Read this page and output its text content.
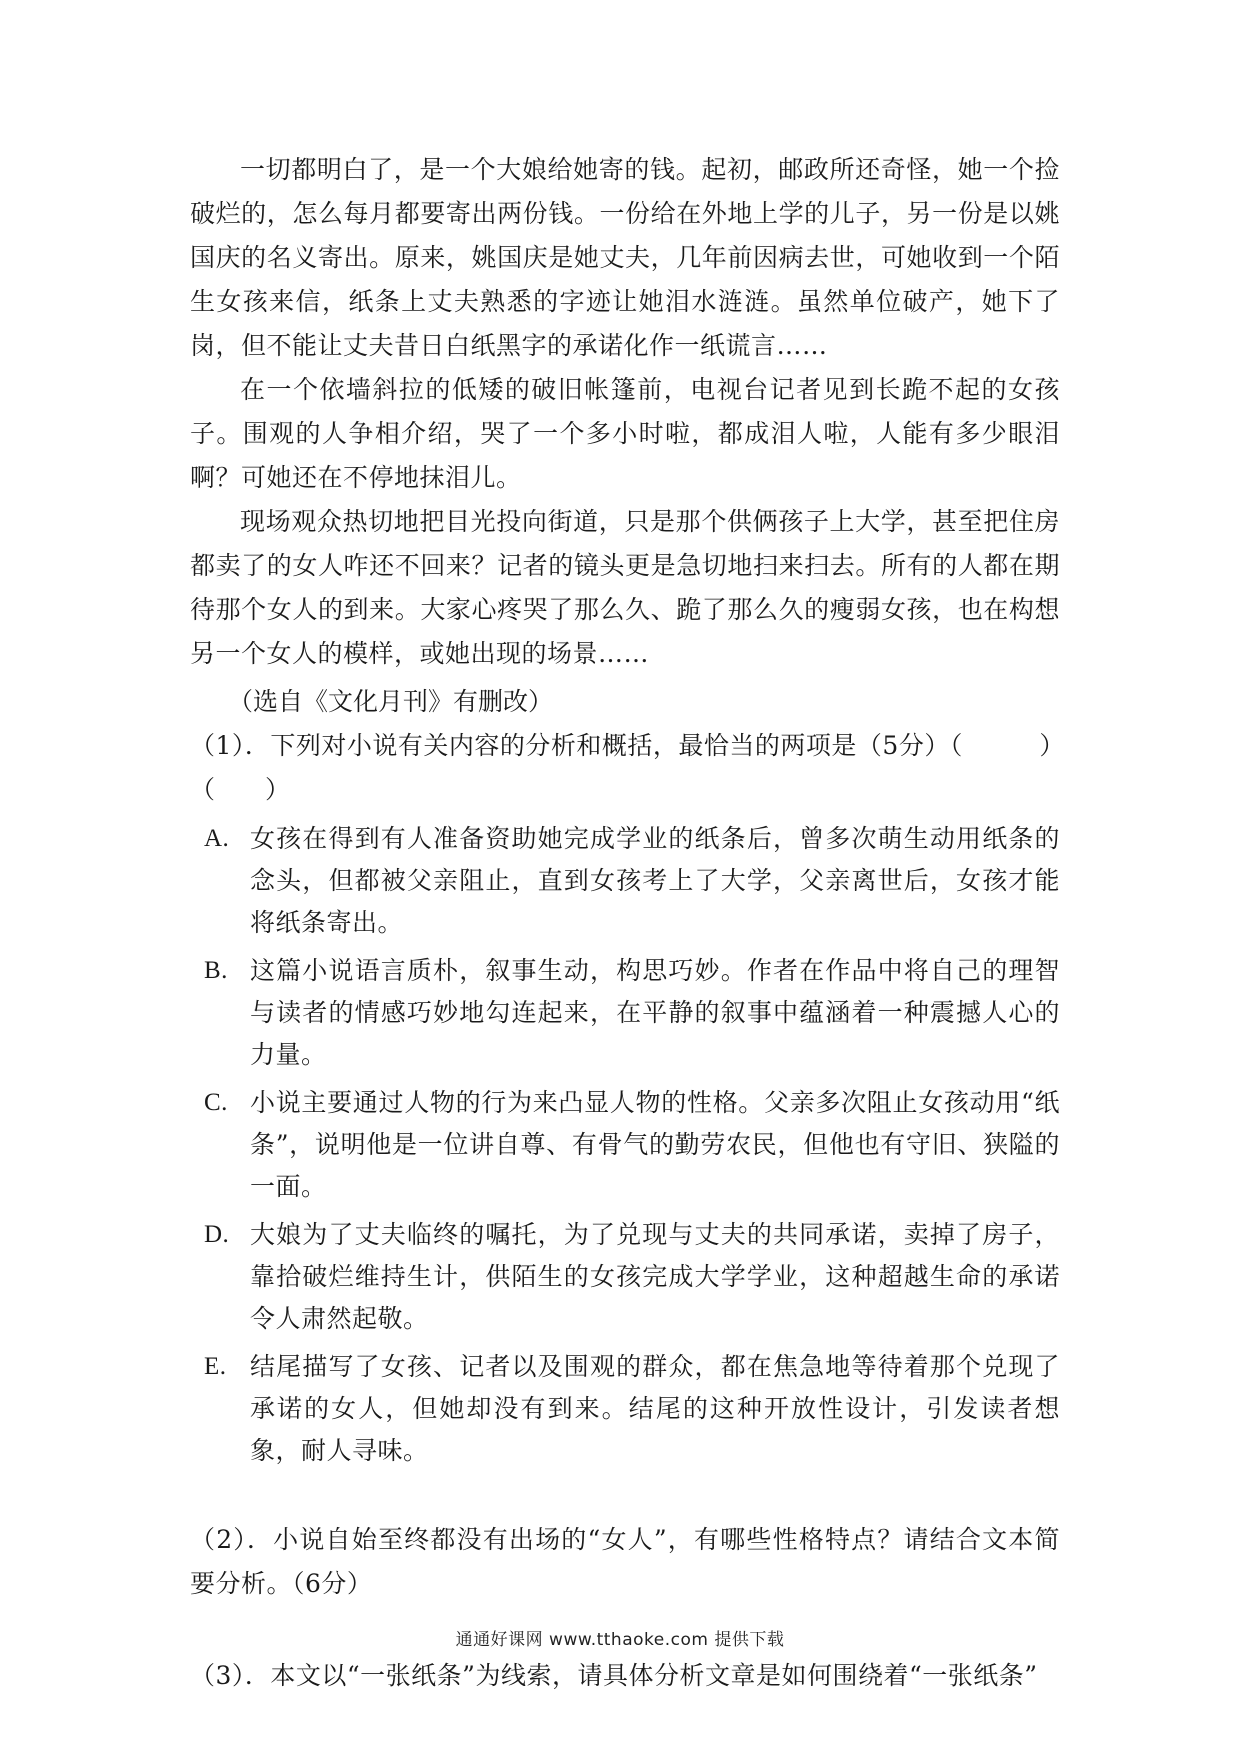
一切都明白了，是一个大娘给她寄的钱。起初，邮政所还奇怪，她一个捡破烂的，怎么每月都要寄出两份钱。一份给在外地上学的儿子，另一份是以姚国庆的名义寄出。原来，姚国庆是她丈夫，几年前因病去世，可她收到一个陌生女孩来信，纸条上丈夫熟悉的字迹让她泪水涟涟。虽然单位破产，她下了岗，但不能让丈夫昔日白纸黑字的承诺化作一纸谎言……

在一个依墙斜拉的低矮的破旧帐篷前，电视台记者见到长跪不起的女孩子。围观的人争相介绍，哭了一个多小时啦，都成泪人啦，人能有多少眼泪啊？可她还在不停地抹泪儿。

现场观众热切地把目光投向街道，只是那个供俩孩子上大学，甚至把住房都卖了的女人咋还不回来？记者的镜头更是急切地扫来扫去。所有的人都在期待那个女人的到来。大家心疼哭了那么久、跪了那么久的瘦弱女孩，也在构想另一个女人的模样，或她出现的场景……

（选自《文化月刊》有删改）

（1）．下列对小说有关内容的分析和概括，最恰当的两项是（5分）（　　　）

（　　）

A. 女孩在得到有人准备资助她完成学业的纸条后，曾多次萌生动用纸条的念头，但都被父亲阻止，直到女孩考上了大学，父亲离世后，女孩才能将纸条寄出。
B. 这篇小说语言质朴，叙事生动，构思巧妙。作者在作品中将自己的理智与读者的情感巧妙地勾连起来，在平静的叙事中蕴涵着一种震撼人心的力量。
C. 小说主要通过人物的行为来凸显人物的性格。父亲多次阻止女孩动用“纸条”，说明他是一位讲自尊、有骨气的勤劳农民，但他也有守旧、狭隘的一面。
D. 大娘为了丈夫临终的嘱托，为了兑现与丈夫的共同承诺，卖掉了房子，靠拾破烂维持生计，供陌生的女孩完成大学学业，这种超越生命的承诺令人肃然起敬。
E. 结尾描写了女孩、记者以及围观的群众，都在焦急地等待着那个兑现了承诺的女人，但她却没有到来。结尾的这种开放性设计，引发读者想象，耐人寻味。

（2）．小说自始至终都没有出场的“女人”，有哪些性格特点？请结合文本简要分析。（6分）

（3）．本文以“一张纸条”为线索，请具体分析文章是如何围绕着“一张纸条”

通通好课网 www.tthaoke.com 提供下载
